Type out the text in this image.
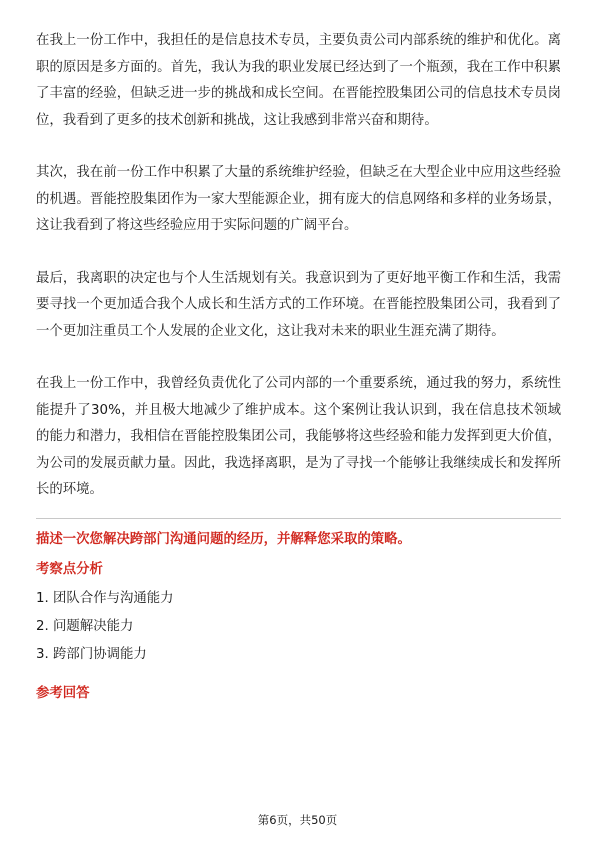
在我上一份工作中，我担任的是信息技术专员，主要负责公司内部系统的维护和优化。离职的原因是多方面的。首先，我认为我的职业发展已经达到了一个瓶颈，我在工作中积累了丰富的经验，但缺乏进一步的挑战和成长空间。在晋能控股集团公司的信息技术专员岗位，我看到了更多的技术创新和挑战，这让我感到非常兴奋和期待。

其次，我在前一份工作中积累了大量的系统维护经验，但缺乏在大型企业中应用这些经验的机遇。晋能控股集团作为一家大型能源企业，拥有庞大的信息网络和多样的业务场景，这让我看到了将这些经验应用于实际问题的广阔平台。

最后，我离职的决定也与个人生活规划有关。我意识到为了更好地平衡工作和生活，我需要寻找一个更加适合我个人成长和生活方式的工作环境。在晋能控股集团公司，我看到了一个更加注重员工个人发展的企业文化，这让我对未来的职业生涯充满了期待。

在我上一份工作中，我曾经负责优化了公司内部的一个重要系统，通过我的努力，系统性能提升了30%，并且极大地减少了维护成本。这个案例让我认识到，我在信息技术领域的能力和潜力，我相信在晋能控股集团公司，我能够将这些经验和能力发挥到更大价值，为公司的发展贡献力量。因此，我选择离职，是为了寻找一个能够让我继续成长和发挥所长的环境。

描述一次您解决跨部门沟通问题的经历，并解释您采取的策略。
考察点分析
1. 团队合作与沟通能力
2. 问题解决能力
3. 跨部门协调能力
参考回答
第6页，共50页
